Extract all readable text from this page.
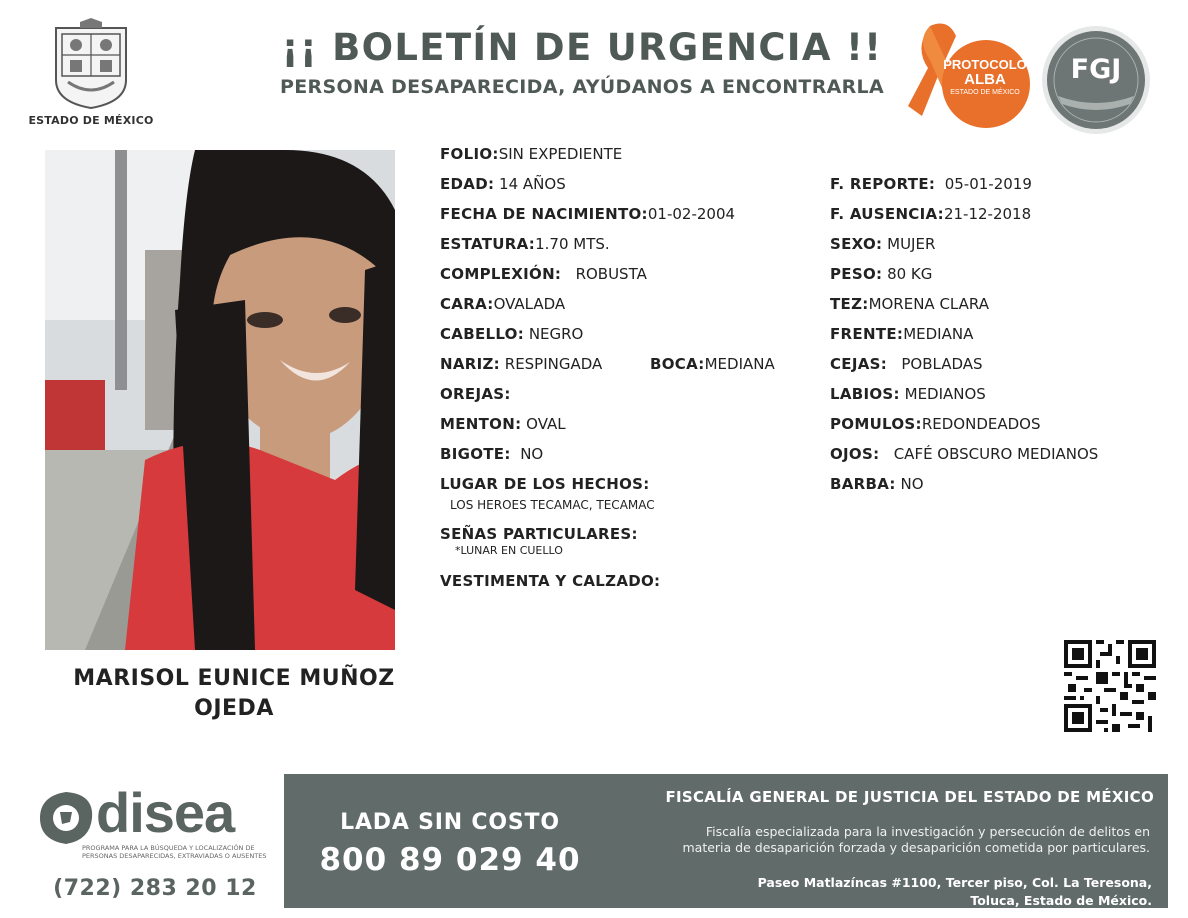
ESTADO DE MÉXICO
¡¡ BOLETÍN DE URGENCIA !!
PERSONA DESAPARECIDA, AYÚDANOS A ENCONTRARLA
PROTOCOLO
ALBA
ESTADO DE MÉXICO
FGJ
MARISOL EUNICE MUÑOZ
OJEDA
FOLIO:SIN EXPEDIENTE
EDAD: 14 AÑOS
FECHA DE NACIMIENTO:01-02-2004
ESTATURA:1.70 MTS.
COMPLEXIÓN: ROBUSTA
CARA:OVALADA
CABELLO: NEGRO
NARIZ: RESPINGADA	BOCA:MEDIANA
OREJAS:
MENTON: OVAL
BIGOTE: NO
LUGAR DE LOS HECHOS:
LOS HEROES TECAMAC, TECAMAC
SEÑAS PARTICULARES:
*LUNAR EN CUELLO
VESTIMENTA Y CALZADO:
F. REPORTE: 05-01-2019
F. AUSENCIA:21-12-2018
SEXO: MUJER
PESO: 80 KG
TEZ:MORENA CLARA
FRENTE:MEDIANA
CEJAS: POBLADAS
LABIOS: MEDIANOS
POMULOS:REDONDEADOS
OJOS: CAFÉ OBSCURO MEDIANOS
BARBA: NO
disea
PROGRAMA PARA LA BÚSQUEDA Y LOCALIZACIÓN DE PERSONAS DESAPARECIDAS, EXTRAVIADAS O AUSENTES
(722) 283 20 12
LADA SIN COSTO
800 89 029 40
FISCALÍA GENERAL DE JUSTICIA DEL ESTADO DE MÉXICO
Fiscalía especializada para la investigación y persecución de delitos en
materia de desaparición forzada y desaparición cometida por particulares.
Paseo Matlazíncas #1100, Tercer piso, Col. La Teresona,
Toluca, Estado de México.
